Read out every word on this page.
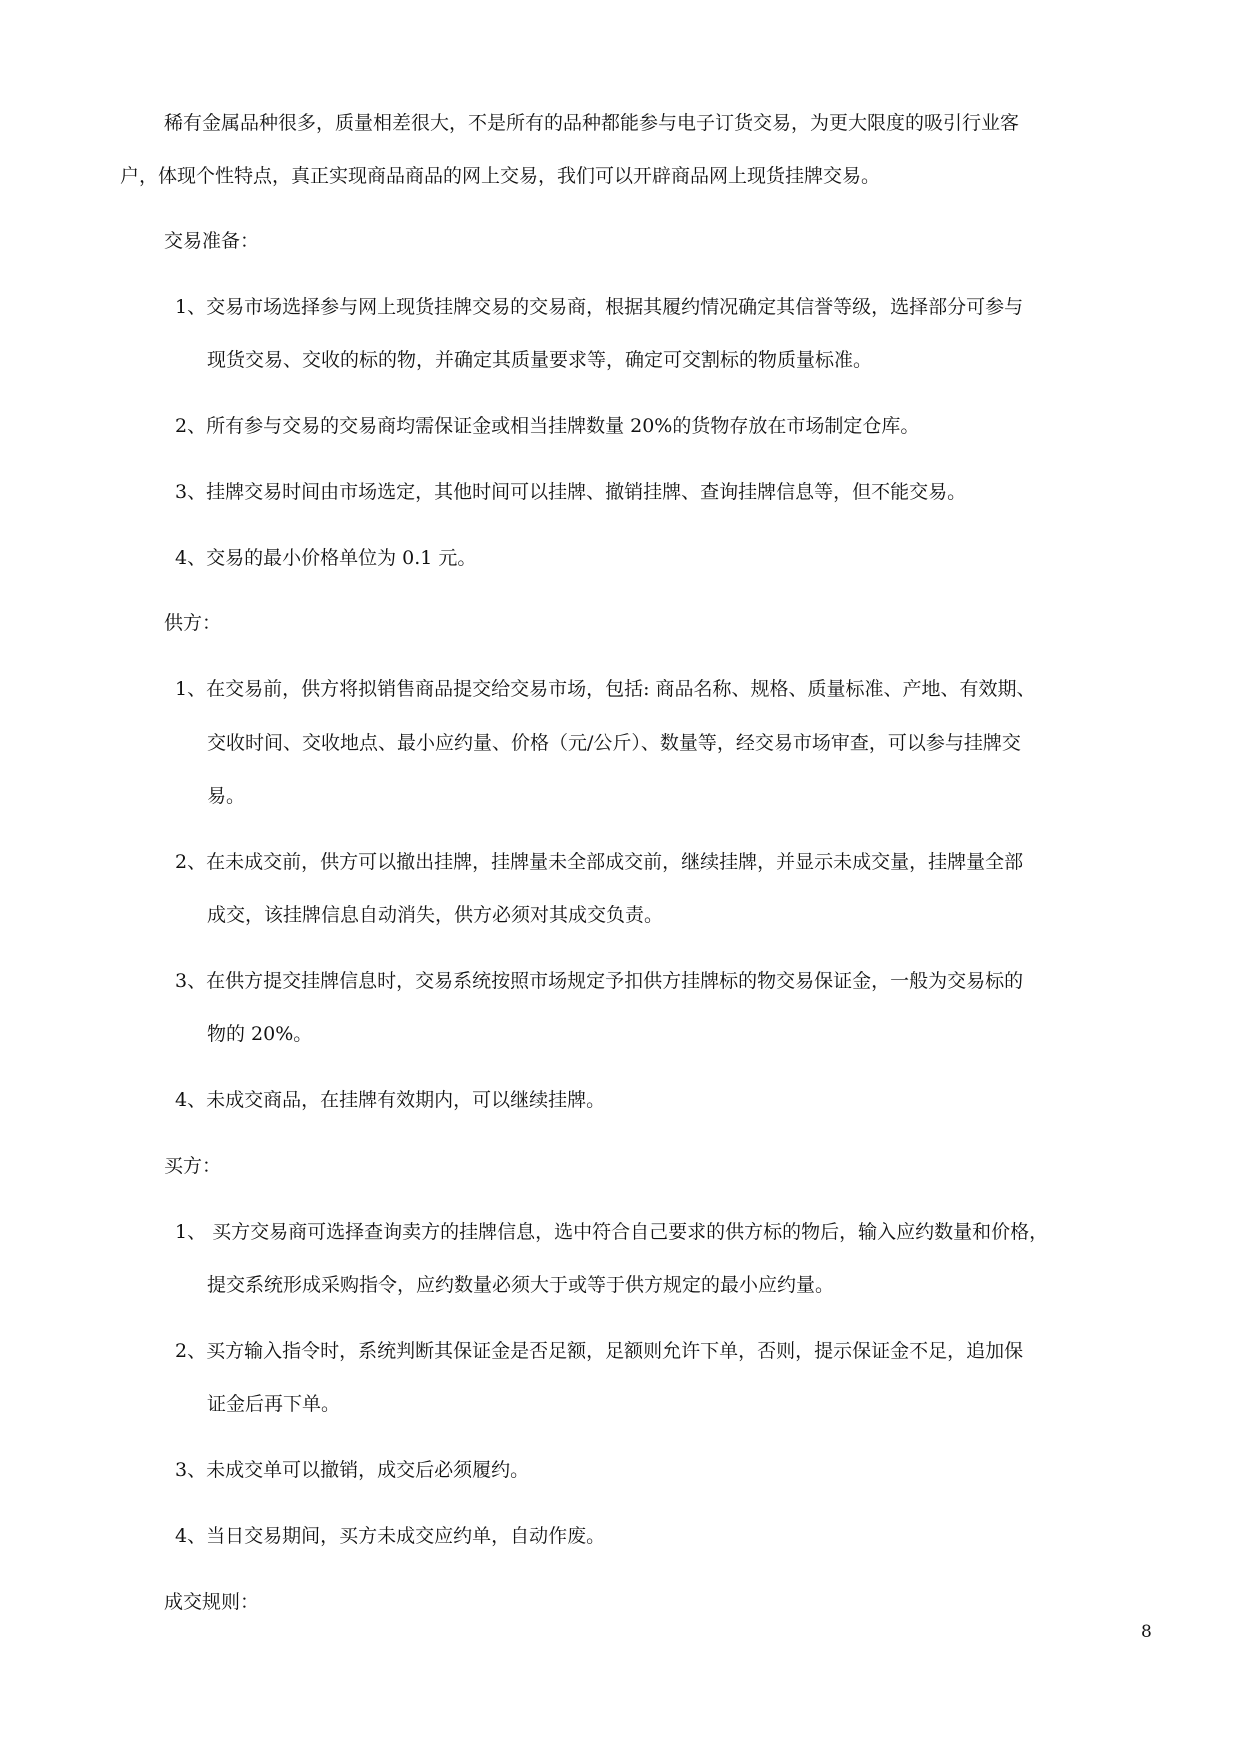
稀有金属品种很多，质量相差很大，不是所有的品种都能参与电子订货交易，为更大限度的吸引行业客
户，体现个性特点，真正实现商品商品的网上交易，我们可以开辟商品网上现货挂牌交易。
交易准备：
1、交易市场选择参与网上现货挂牌交易的交易商，根据其履约情况确定其信誉等级，选择部分可参与
现货交易、交收的标的物，并确定其质量要求等，确定可交割标的物质量标准。
2、所有参与交易的交易商均需保证金或相当挂牌数量 20%的货物存放在市场制定仓库。
3、挂牌交易时间由市场选定，其他时间可以挂牌、撤销挂牌、查询挂牌信息等，但不能交易。
4、交易的最小价格单位为 0.1 元。
供方：
1、在交易前，供方将拟销售商品提交给交易市场，包括: 商品名称、规格、质量标准、产地、有效期、
交收时间、交收地点、最小应约量、价格（元/公斤）、数量等，经交易市场审查，可以参与挂牌交
易。
2、在未成交前，供方可以撤出挂牌，挂牌量未全部成交前，继续挂牌，并显示未成交量，挂牌量全部
成交，该挂牌信息自动消失，供方必须对其成交负责。
3、在供方提交挂牌信息时，交易系统按照市场规定予扣供方挂牌标的物交易保证金，一般为交易标的
物的 20%。
4、未成交商品，在挂牌有效期内，可以继续挂牌。
买方：
1、 买方交易商可选择查询卖方的挂牌信息，选中符合自己要求的供方标的物后，输入应约数量和价格，
提交系统形成采购指令，应约数量必须大于或等于供方规定的最小应约量。
2、买方输入指令时，系统判断其保证金是否足额，足额则允许下单，否则，提示保证金不足，追加保
证金后再下单。
3、未成交单可以撤销，成交后必须履约。
4、当日交易期间，买方未成交应约单，自动作废。
成交规则：
8
